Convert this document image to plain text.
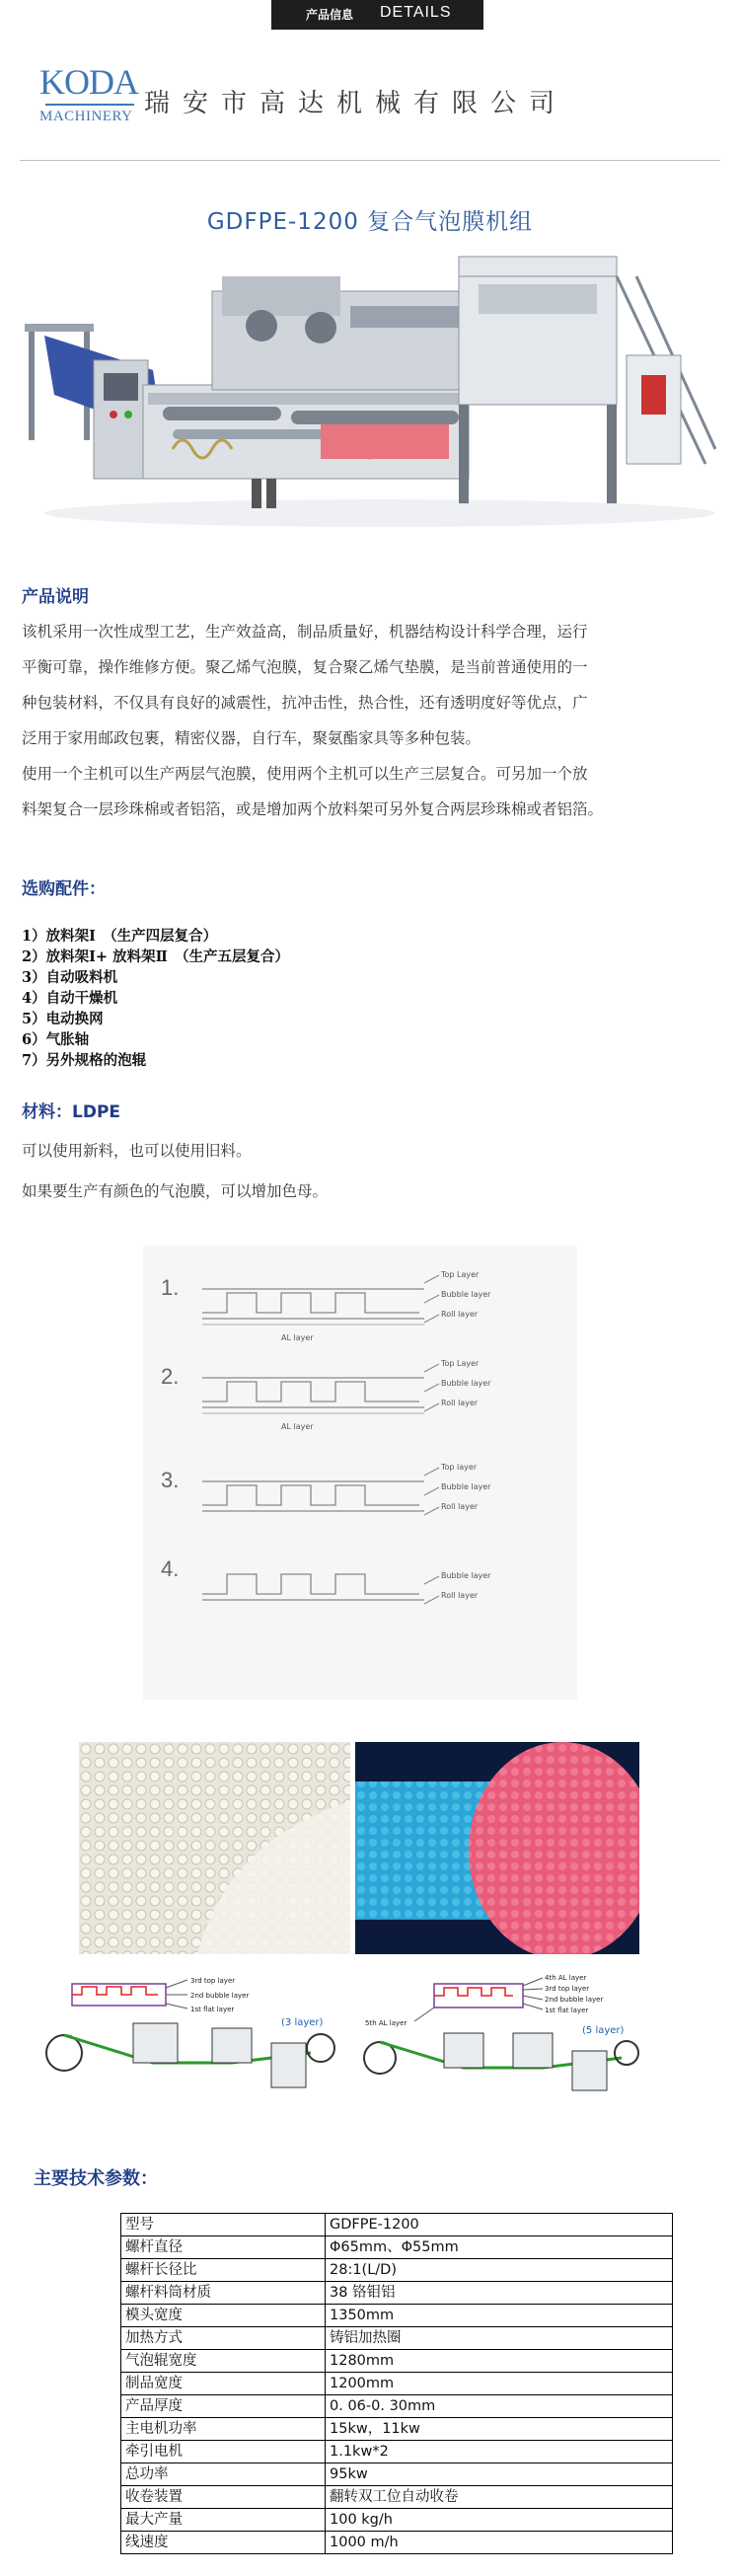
产品信息 DETAILS
KODA
MACHINERY 瑞安市高达机械有限公司
GDFPE-1200 复合气泡膜机组
产品说明
该机采用一次性成型工艺，生产效益高，制品质量好，机器结构设计科学合理，运行
平衡可靠，操作维修方便。聚乙烯气泡膜，复合聚乙烯气垫膜，是当前普通使用的一
种包装材料，不仅具有良好的减震性，抗冲击性，热合性，还有透明度好等优点，广
泛用于家用邮政包裹，精密仪器，自行车，聚氨酯家具等多种包装。
使用一个主机可以生产两层气泡膜，使用两个主机可以生产三层复合。可另加一个放
料架复合一层珍珠棉或者铝箔，或是增加两个放料架可另外复合两层珍珠棉或者铝箔。
选购配件：
1）放料架Ⅰ　（生产四层复合）
2）放料架Ⅰ+ 放料架Ⅱ　（生产五层复合）
3）自动吸料机
4）自动干燥机
5）电动换网
6）气胀轴
7）另外规格的泡辊
材料：LDPE
可以使用新料，也可以使用旧料。
如果要生产有颜色的气泡膜，可以增加色母。
1.
Top Layer
Bubble layer
Roll layer
AL layer
2.
Top Layer
Bubble layer
Roll layer
AL layer
3.
Top layer
Bubble layer
Roll layer
4.	Bubble layer
Roll layer
3rd top layer
2nd bubble layer
1st flat layer
(3 layer)
4th AL layer
3rd top layer
2nd bubble layer
1st flat layer
5th AL layer
(5 layer)
主要技术参数：
型号	GDFPE-1200
螺杆直径	Φ65mm、Φ55mm
螺杆长径比	28:1(L/D)
螺杆料筒材质	38 铬钼铝
模头宽度	1350mm
加热方式	铸铝加热圈
气泡辊宽度	1280mm
制品宽度	1200mm
产品厚度	0. 06-0. 30mm
主电机功率	15kw，11kw
牵引电机	1.1kw*2
总功率	95kw
收卷装置	翻转双工位自动收卷
最大产量	100 kg/h
线速度	1000 m/h
